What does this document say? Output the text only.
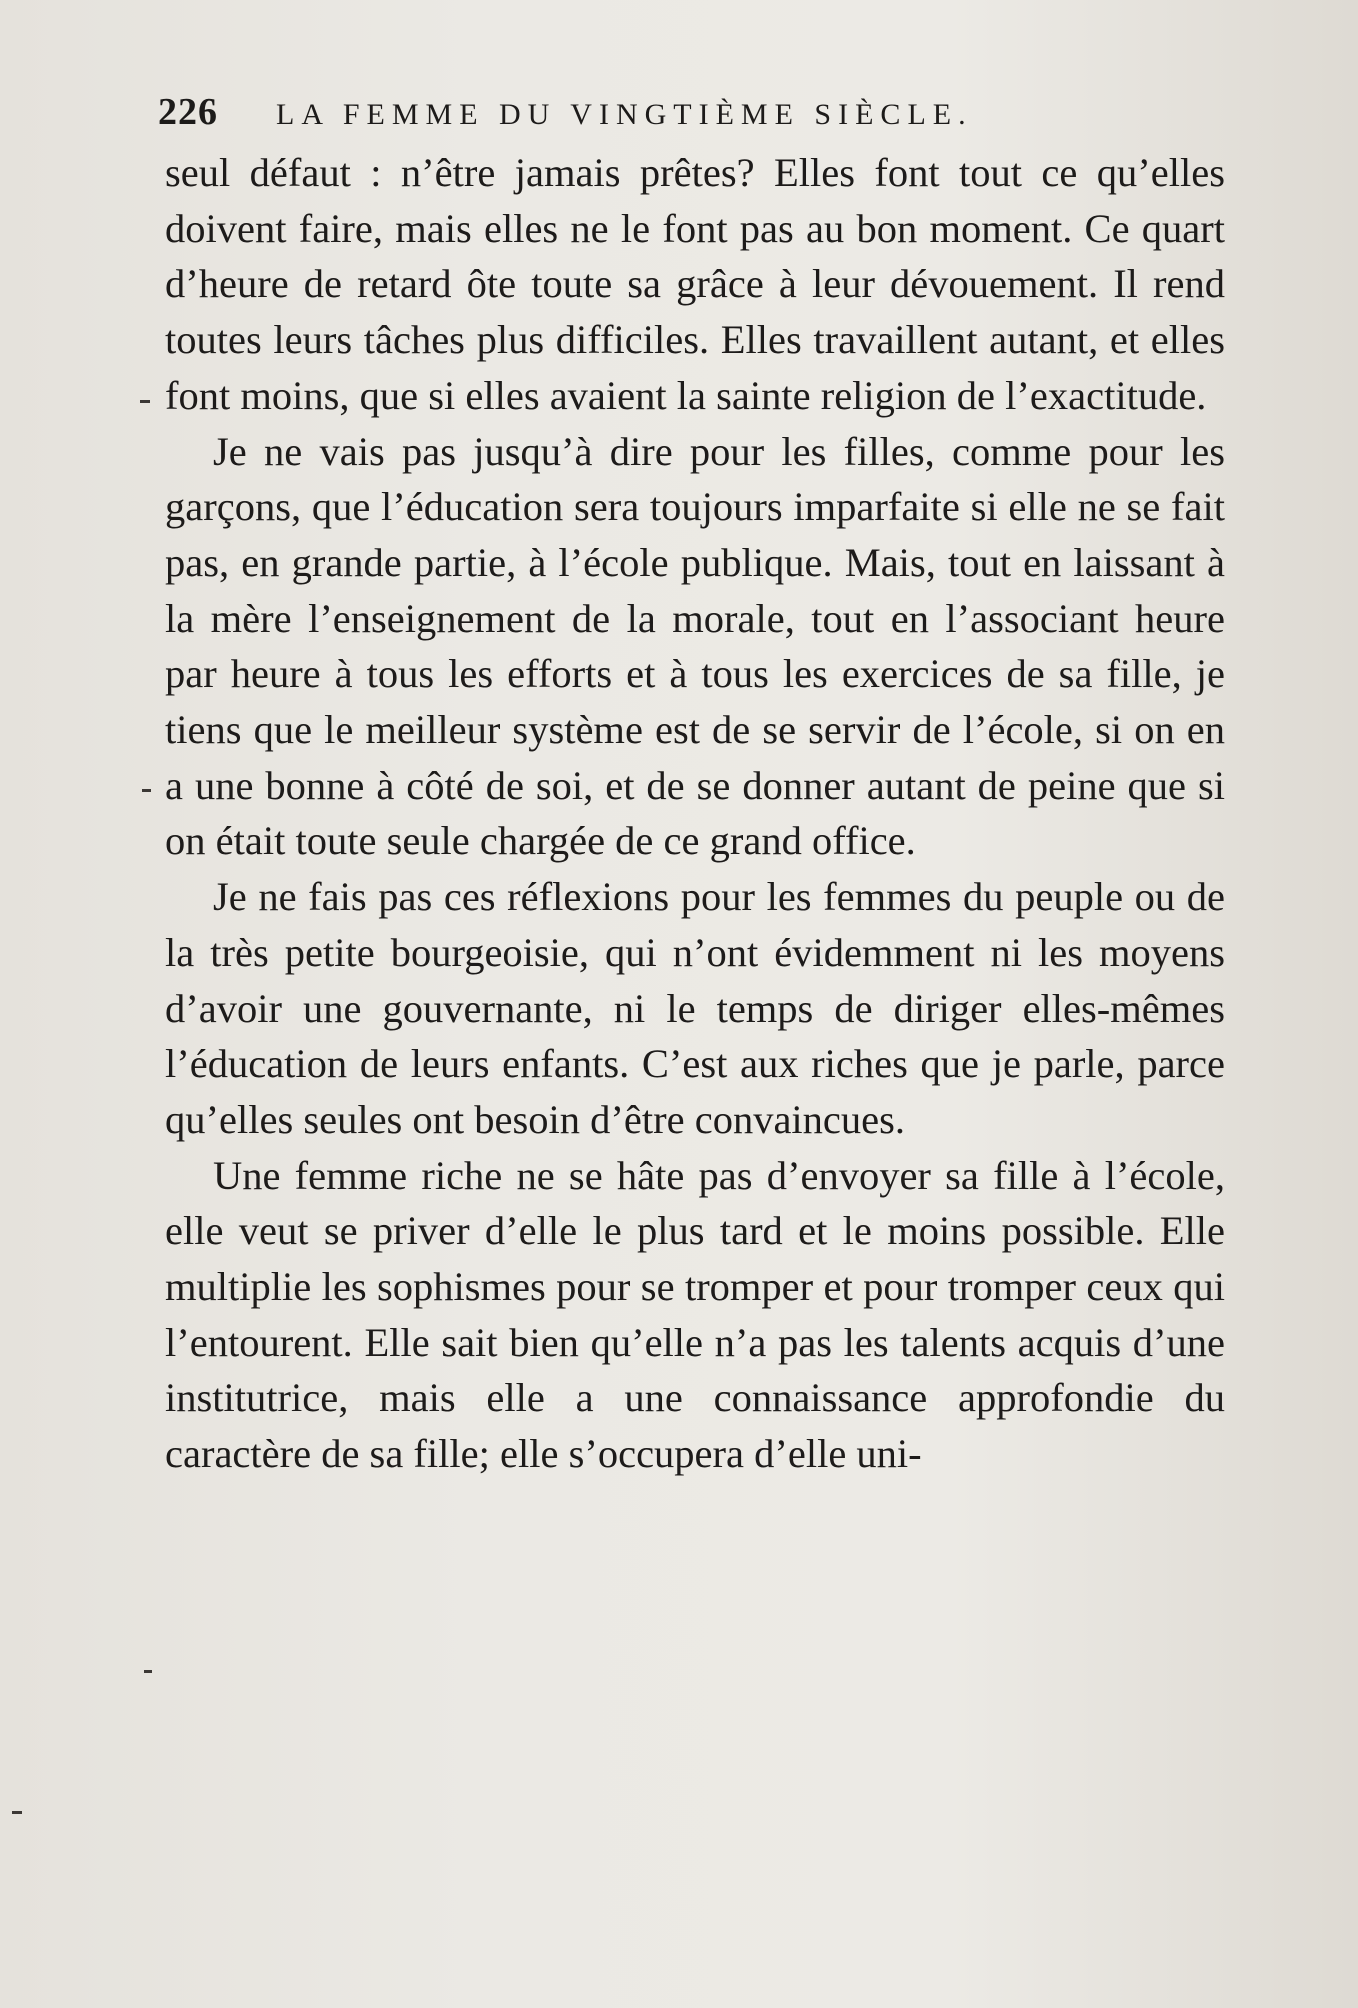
226 LA FEMME DU VINGTIÈME SIÈCLE.

seul défaut : n’être jamais prêtes? Elles font tout ce qu’elles doivent faire, mais elles ne le font pas au bon moment. Ce quart d’heure de retard ôte toute sa grâce à leur dévouement. Il rend toutes leurs tâches plus difficiles. Elles travaillent autant, et elles font moins, que si elles avaient la sainte religion de l’exactitude.

Je ne vais pas jusqu’à dire pour les filles, comme pour les garçons, que l’éducation sera toujours imparfaite si elle ne se fait pas, en grande partie, à l’école publique. Mais, tout en laissant à la mère l’enseignement de la morale, tout en l’associant heure par heure à tous les efforts et à tous les exercices de sa fille, je tiens que le meilleur système est de se servir de l’école, si on en a une bonne à côté de soi, et de se donner autant de peine que si on était toute seule chargée de ce grand office.

Je ne fais pas ces réflexions pour les femmes du peuple ou de la très petite bourgeoisie, qui n’ont évidemment ni les moyens d’avoir une gouvernante, ni le temps de diriger elles-mêmes l’éducation de leurs enfants. C’est aux riches que je parle, parce qu’elles seules ont besoin d’être convaincues.

Une femme riche ne se hâte pas d’envoyer sa fille à l’école, elle veut se priver d’elle le plus tard et le moins possible. Elle multiplie les sophismes pour se tromper et pour tromper ceux qui l’entourent. Elle sait bien qu’elle n’a pas les talents acquis d’une institutrice, mais elle a une connaissance approfondie du caractère de sa fille; elle s’occupera d’elle uni-
